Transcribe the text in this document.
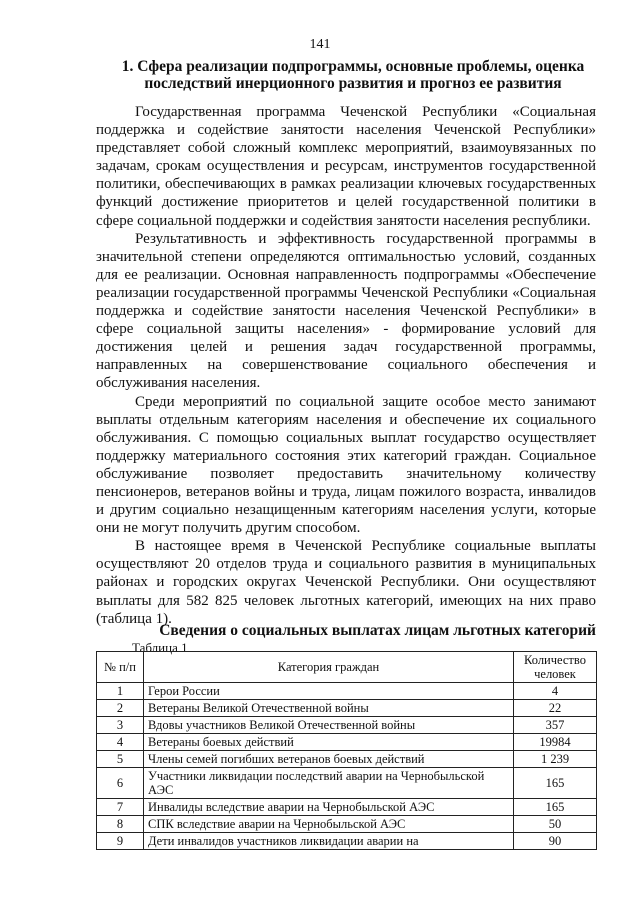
141
1. Сфера реализации подпрограммы, основные проблемы, оценка последствий инерционного развития и прогноз ее развития

Государственная программа Чеченской Республики «Социальная поддержка и содействие занятости населения Чеченской Республики» представляет собой сложный комплекс мероприятий, взаимоувязанных по задачам, срокам осуществления и ресурсам, инструментов государственной политики, обеспечивающих в рамках реализации ключевых государственных функций достижение приоритетов и целей государственной политики в сфере социальной поддержки и содействия занятости населения республики.

Результативность и эффективность государственной программы в значительной степени определяются оптимальностью условий, созданных для ее реализации. Основная направленность подпрограммы «Обеспечение реализации государственной программы Чеченской Республики «Социальная поддержка и содействие занятости населения Чеченской Республики» в сфере социальной защиты населения» - формирование условий для достижения целей и решения задач государственной программы, направленных на совершенствование социального обеспечения и обслуживания населения.

Среди мероприятий по социальной защите особое место занимают выплаты отдельным категориям населения и обеспечение их социального обслуживания. С помощью социальных выплат государство осуществляет поддержку материального состояния этих категорий граждан. Социальное обслуживание позволяет предоставить значительному количеству пенсионеров, ветеранов войны и труда, лицам пожилого возраста, инвалидов и другим социально незащищенным категориям населения услуги, которые они не могут получить другим способом.

В настоящее время в Чеченской Республике социальные выплаты осуществляют 20 отделов труда и социального развития в муниципальных районах и городских округах Чеченской Республики. Они осуществляют выплаты для 582 825 человек льготных категорий, имеющих на них право (таблица 1).

Сведения о социальных выплатах лицам льготных категорий
Таблица 1
№ п/п	Категория граждан	Количество человек
1	Герои России	4
2	Ветераны Великой Отечественной войны	22
3	Вдовы участников Великой Отечественной войны	357
4	Ветераны боевых действий	19984
5	Члены семей погибших ветеранов боевых действий	1 239
6	Участники ликвидации последствий аварии на Чернобыльской АЭС	165
7	Инвалиды вследствие аварии на Чернобыльской АЭС	165
8	СПК вследствие аварии на Чернобыльской АЭС	50
9	Дети инвалидов участников ликвидации аварии на	90
